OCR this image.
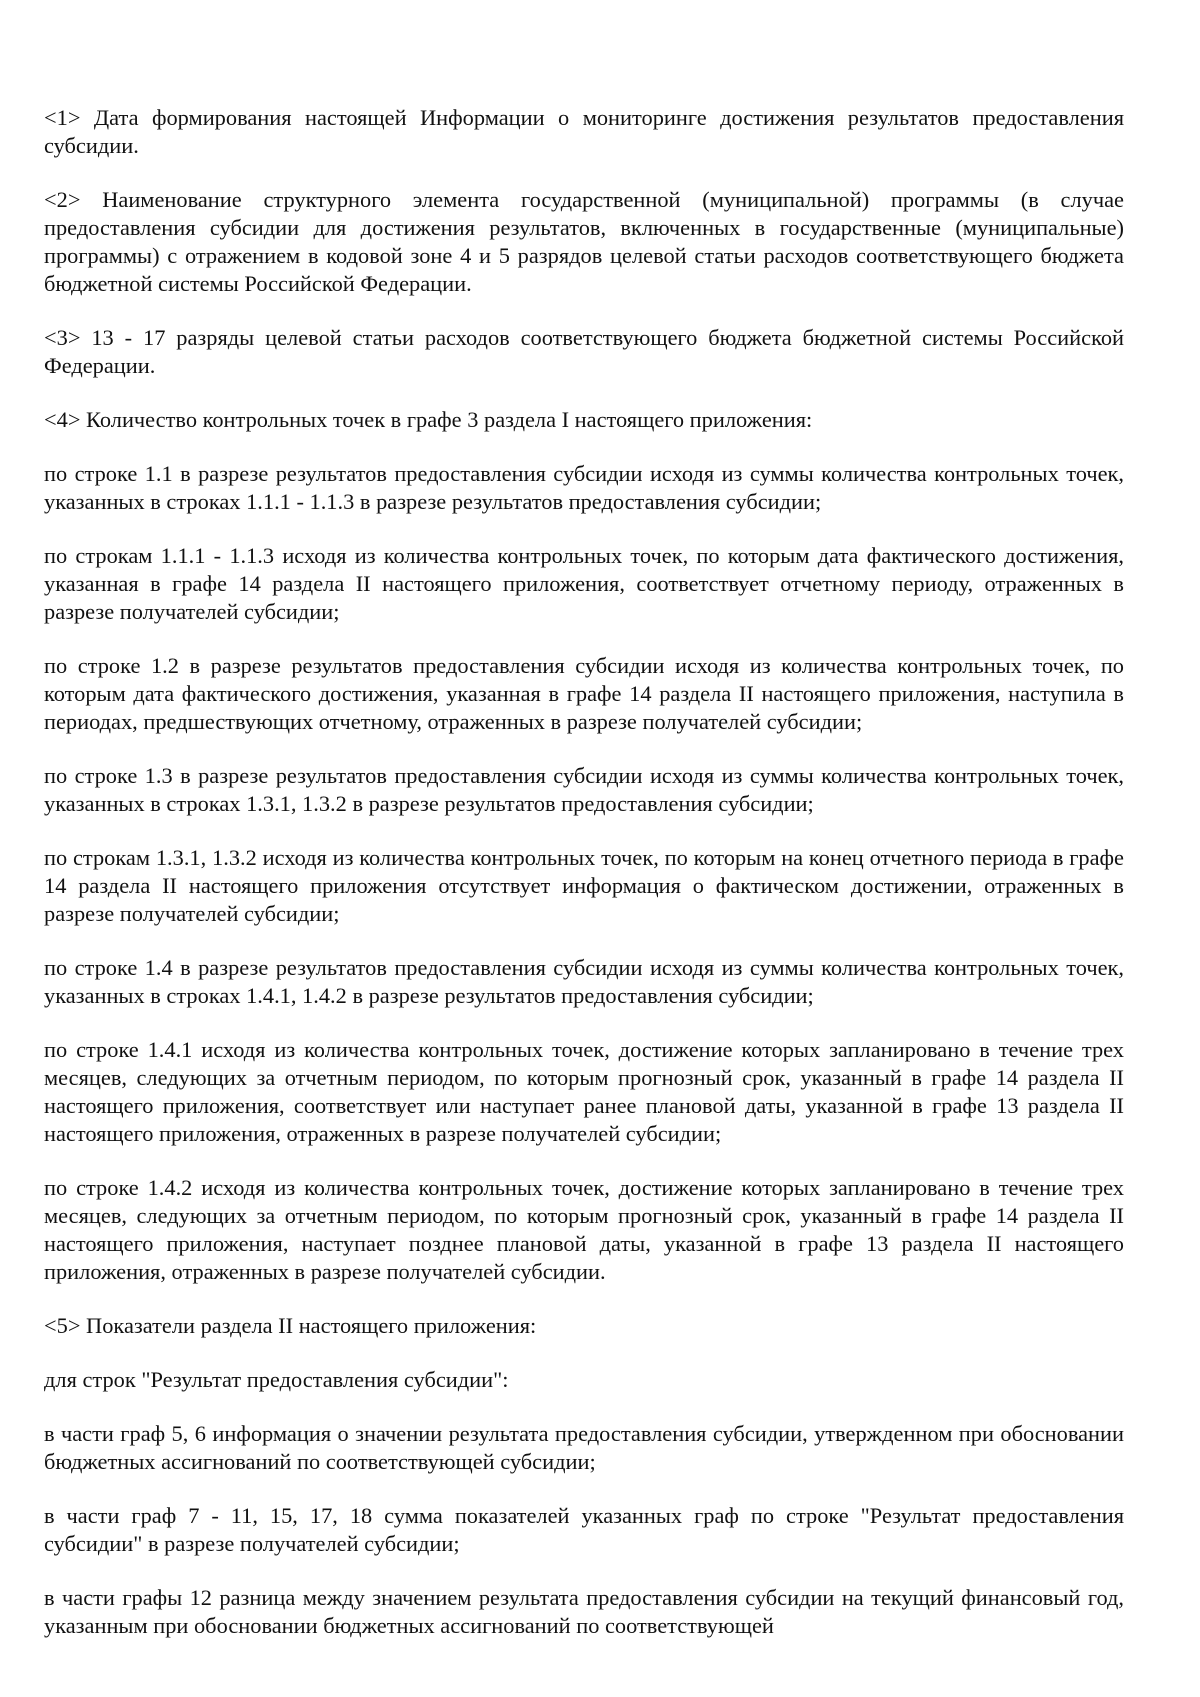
<1> Дата формирования настоящей Информации о мониторинге достижения результатов предоставления субсидии.

<2> Наименование структурного элемента государственной (муниципальной) программы (в случае предоставления субсидии для достижения результатов, включенных в государственные (муниципальные) программы) с отражением в кодовой зоне 4 и 5 разрядов целевой статьи расходов соответствующего бюджета бюджетной системы Российской Федерации.

<3> 13 - 17 разряды целевой статьи расходов соответствующего бюджета бюджетной системы Российской Федерации.

<4> Количество контрольных точек в графе 3 раздела I настоящего приложения:

по строке 1.1 в разрезе результатов предоставления субсидии исходя из суммы количества контрольных точек, указанных в строках 1.1.1 - 1.1.3 в разрезе результатов предоставления субсидии;

по строкам 1.1.1 - 1.1.3 исходя из количества контрольных точек, по которым дата фактического достижения, указанная в графе 14 раздела II настоящего приложения, соответствует отчетному периоду, отраженных в разрезе получателей субсидии;

по строке 1.2 в разрезе результатов предоставления субсидии исходя из количества контрольных точек, по которым дата фактического достижения, указанная в графе 14 раздела II настоящего приложения, наступила в периодах, предшествующих отчетному, отраженных в разрезе получателей субсидии;

по строке 1.3 в разрезе результатов предоставления субсидии исходя из суммы количества контрольных точек, указанных в строках 1.3.1, 1.3.2 в разрезе результатов предоставления субсидии;

по строкам 1.3.1, 1.3.2 исходя из количества контрольных точек, по которым на конец отчетного периода в графе 14 раздела II настоящего приложения отсутствует информация о фактическом достижении, отраженных в разрезе получателей субсидии;

по строке 1.4 в разрезе результатов предоставления субсидии исходя из суммы количества контрольных точек, указанных в строках 1.4.1, 1.4.2 в разрезе результатов предоставления субсидии;

по строке 1.4.1 исходя из количества контрольных точек, достижение которых запланировано в течение трех месяцев, следующих за отчетным периодом, по которым прогнозный срок, указанный в графе 14 раздела II настоящего приложения, соответствует или наступает ранее плановой даты, указанной в графе 13 раздела II настоящего приложения, отраженных в разрезе получателей субсидии;

по строке 1.4.2 исходя из количества контрольных точек, достижение которых запланировано в течение трех месяцев, следующих за отчетным периодом, по которым прогнозный срок, указанный в графе 14 раздела II настоящего приложения, наступает позднее плановой даты, указанной в графе 13 раздела II настоящего приложения, отраженных в разрезе получателей субсидии.

<5> Показатели раздела II настоящего приложения:

для строк "Результат предоставления субсидии":

в части граф 5, 6 информация о значении результата предоставления субсидии, утвержденном при обосновании бюджетных ассигнований по соответствующей субсидии;

в части граф 7 - 11, 15, 17, 18 сумма показателей указанных граф по строке "Результат предоставления субсидии" в разрезе получателей субсидии;

в части графы 12 разница между значением результата предоставления субсидии на текущий финансовый год, указанным при обосновании бюджетных ассигнований по соответствующей
